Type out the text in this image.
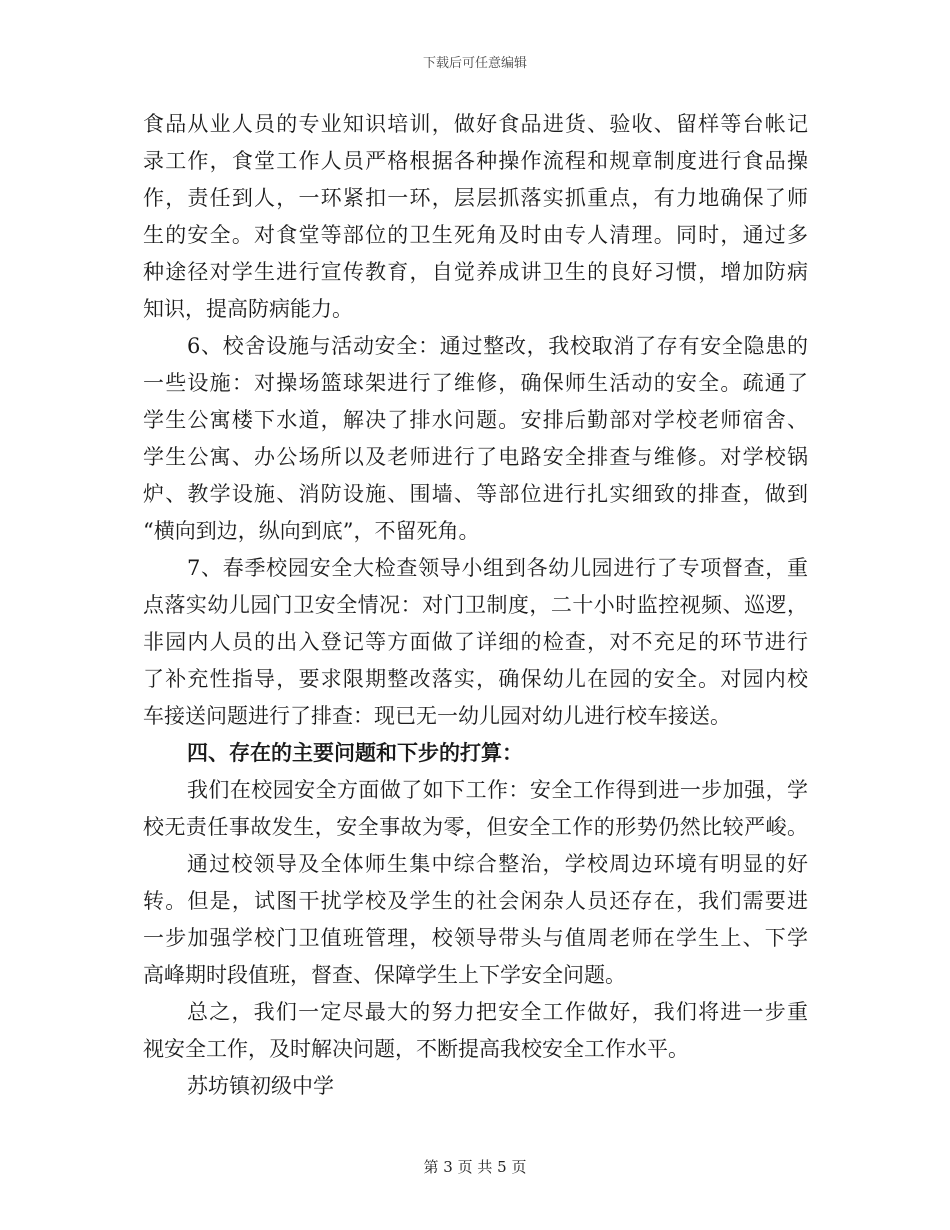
下载后可任意编辑
食品从业人员的专业知识培训，做好食品进货、验收、留样等台帐记
录工作，食堂工作人员严格根据各种操作流程和规章制度进行食品操
作，责任到人，一环紧扣一环，层层抓落实抓重点，有力地确保了师
生的安全。对食堂等部位的卫生死角及时由专人清理。同时，通过多
种途径对学生进行宣传教育，自觉养成讲卫生的良好习惯，增加防病
知识，提高防病能力。
6、校舍设施与活动安全：通过整改，我校取消了存有安全隐患的
一些设施：对操场篮球架进行了维修，确保师生活动的安全。疏通了
学生公寓楼下水道，解决了排水问题。安排后勤部对学校老师宿舍、
学生公寓、办公场所以及老师进行了电路安全排查与维修。对学校锅
炉、教学设施、消防设施、围墙、等部位进行扎实细致的排查，做到
“横向到边，纵向到底”，不留死角。
7、春季校园安全大检查领导小组到各幼儿园进行了专项督查，重
点落实幼儿园门卫安全情况：对门卫制度，二十小时监控视频、巡逻，
非园内人员的出入登记等方面做了详细的检查，对不充足的环节进行
了补充性指导，要求限期整改落实，确保幼儿在园的安全。对园内校
车接送问题进行了排查：现已无一幼儿园对幼儿进行校车接送。
四、存在的主要问题和下步的打算：
我们在校园安全方面做了如下工作：安全工作得到进一步加强，学
校无责任事故发生，安全事故为零，但安全工作的形势仍然比较严峻。
通过校领导及全体师生集中综合整治，学校周边环境有明显的好
转。但是，试图干扰学校及学生的社会闲杂人员还存在，我们需要进
一步加强学校门卫值班管理，校领导带头与值周老师在学生上、下学
高峰期时段值班，督查、保障学生上下学安全问题。
总之，我们一定尽最大的努力把安全工作做好，我们将进一步重
视安全工作，及时解决问题，不断提高我校安全工作水平。
苏坊镇初级中学
第 3 页 共 5 页
